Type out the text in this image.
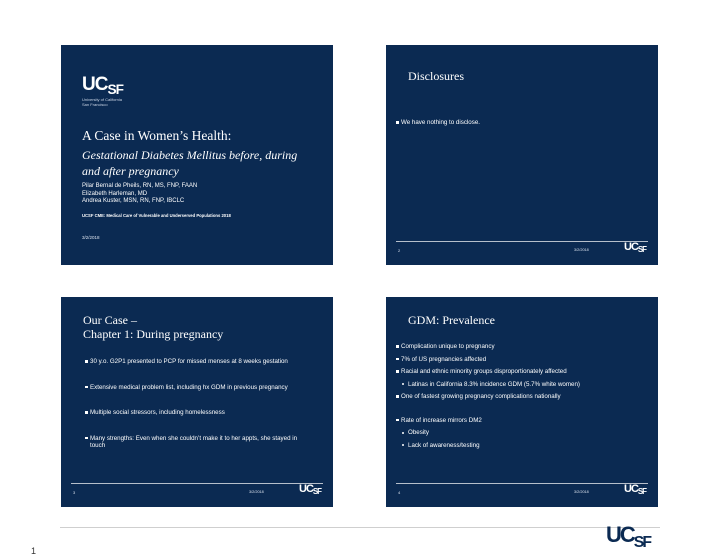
$UC_{SF}$
University of California
San Francisco
A Case in Women’s Health:
Gestational Diabetes Mellitus before, during
and after pregnancy
Pilar Bernal de Pheils, RN, MS, FNP, FAAN
Elizabeth Harleman, MD
Andrea Kuster, MSN, RN, FNP, IBCLC
UCSF CME: Medical Care of Vulnerable and Underserved Populations 2018
3/2/2018
Disclosures
We have nothing to disclose.
2	3/2/2018	$UC_{SF}$
Our Case –
Chapter 1: During pregnancy
30 y.o. G2P1 presented to PCP for missed menses at 8 weeks gestation
Extensive medical problem list, including hx GDM in previous pregnancy
Multiple social stressors, including homelessness
Many strengths: Even when she couldn’t make it to her appts, she stayed in touch
3	3/2/2018	$UC_{SF}$
GDM: Prevalence
Complication unique to pregnancy
7% of US pregnancies affected
Racial and ethnic minority groups disproportionately affected
Latinas in California 8.3% incidence GDM (5.7% white women)
One of fastest growing pregnancy complications nationally
Rate of increase mirrors DM2
Obesity
Lack of awareness/testing
4	3/2/2018	$UC_{SF}$
$UC_{SF}$
1
